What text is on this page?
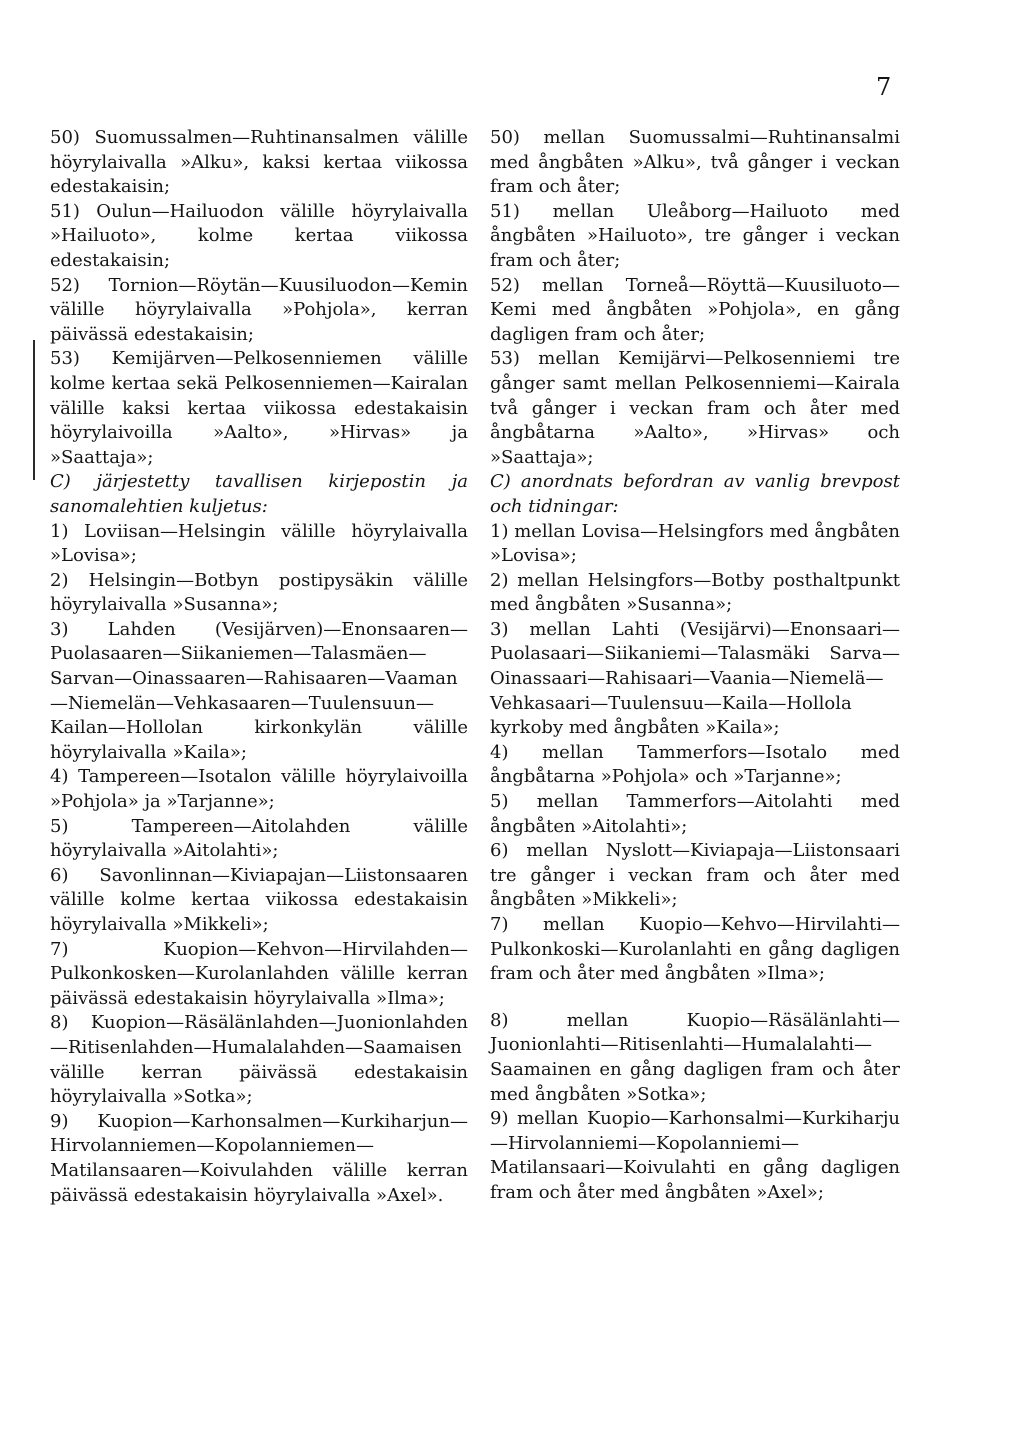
7

50) Suomussalmen—Ruhtinansalmen välille höyrylaivalla »Alku», kaksi kertaa viikossa edestakaisin;

51) Oulun—Hailuodon välille höyrylaivalla »Hailuoto», kolme kertaa viikossa edestakaisin;

52) Tornion—Röytän—Kuusiluodon—Kemin välille höyrylaivalla »Pohjola», kerran päivässä edestakaisin;

53) Kemijärven—Pelkosenniemen välille kolme kertaa sekä Pelkosenniemen—Kairalan välille kaksi kertaa viikossa edestakaisin höyrylaivoilla »Aalto», »Hirvas» ja »Saattaja»;

C) järjestetty tavallisen kirjepostin ja sanomalehtien kuljetus:

1) Loviisan—Helsingin välille höyrylaivalla »Lovisa»;

2) Helsingin—Botbyn postipysäkin välille höyrylaivalla »Susanna»;

3) Lahden (Vesijärven)—Enonsaaren—Puolasaaren—Siikaniemen—Talasmäen—Sarvan—Oinassaaren—Rahisaaren—Vaaman—Niemelän—Vehkasaaren—Tuulensuun—Kailan—Hollolan kirkonkylän välille höyrylaivalla »Kaila»;

4) Tampereen—Isotalon välille höyrylaivoilla »Pohjola» ja »Tarjanne»;

5) Tampereen—Aitolahden välille höyrylaivalla »Aitolahti»;

6) Savonlinnan—Kiviapajan—Liistonsaaren välille kolme kertaa viikossa edestakaisin höyrylaivalla »Mikkeli»;

7) Kuopion—Kehvon—Hirvilahden—Pulkonkosken—Kurolanlahden välille kerran päivässä edestakaisin höyrylaivalla »Ilma»;

8) Kuopion—Räsälänlahden—Juonionlahden—Ritisenlahden—Humalalahden—Saamaisen välille kerran päivässä edestakaisin höyrylaivalla »Sotka»;

9) Kuopion—Karhonsalmen—Kurkiharjun—Hirvolanniemen—Kopolanniemen—Matilansaaren—Koivulahden välille kerran päivässä edestakaisin höyrylaivalla »Axel».

50) mellan Suomussalmi—Ruhtinansalmi med ångbåten »Alku», två gånger i veckan fram och åter;

51) mellan Uleåborg—Hailuoto med ångbåten »Hailuoto», tre gånger i veckan fram och åter;

52) mellan Torneå—Röyttä—Kuusiluoto—Kemi med ångbåten »Pohjola», en gång dagligen fram och åter;

53) mellan Kemijärvi—Pelkosenniemi tre gånger samt mellan Pelkosenniemi—Kairala två gånger i veckan fram och åter med ångbåtarna »Aalto», »Hirvas» och »Saattaja»;

C) anordnats befordran av vanlig brevpost och tidningar:

1) mellan Lovisa—Helsingfors med ångbåten »Lovisa»;

2) mellan Helsingfors—Botby posthaltpunkt med ångbåten »Susanna»;

3) mellan Lahti (Vesijärvi)—Enonsaari—Puolasaari—Siikaniemi—Talasmäki Sarva—Oinassaari—Rahisaari—Vaania—Niemelä—Vehkasaari—Tuulensuu—Kaila—Hollola kyrkoby med ångbåten »Kaila»;

4) mellan Tammerfors—Isotalo med ångbåtarna »Pohjola» och »Tarjanne»;

5) mellan Tammerfors—Aitolahti med ångbåten »Aitolahti»;

6) mellan Nyslott—Kiviapaja—Liistonsaari tre gånger i veckan fram och åter med ångbåten »Mikkeli»;

7) mellan Kuopio—Kehvo—Hirvilahti—Pulkonkoski—Kurolanlahti en gång dagligen fram och åter med ångbåten »Ilma»;

8) mellan Kuopio—Räsälänlahti—Juonionlahti—Ritisenlahti—Humalalahti—Saamainen en gång dagligen fram och åter med ångbåten »Sotka»;

9) mellan Kuopio—Karhonsalmi—Kurkiharju—Hirvolanniemi—Kopolanniemi—Matilansaari—Koivulahti en gång dagligen fram och åter med ångbåten »Axel»;
